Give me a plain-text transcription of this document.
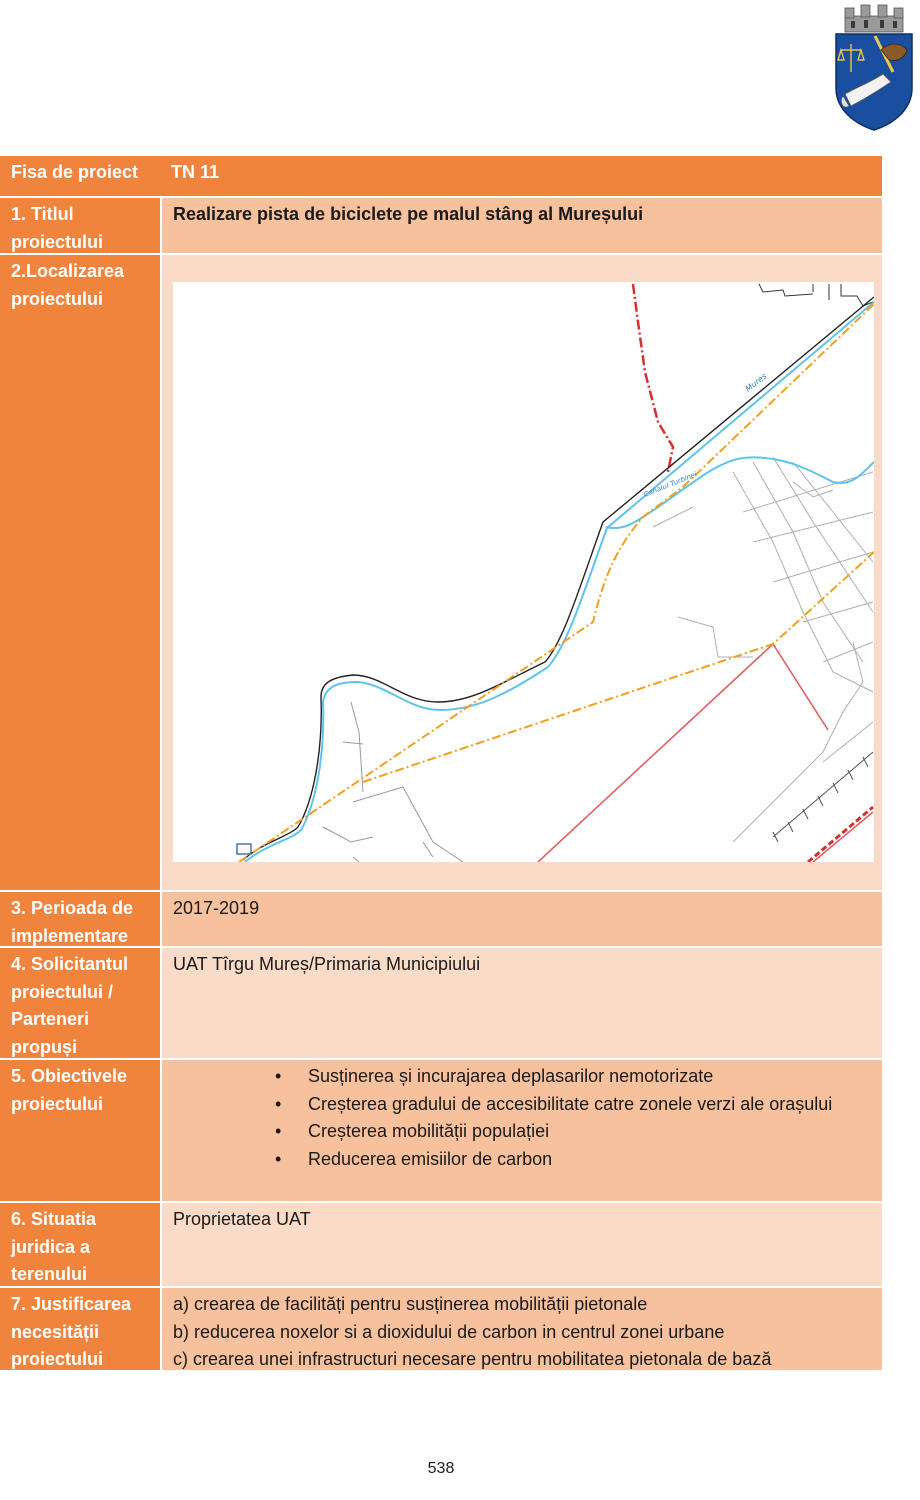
Fisa de proiect	TN 11
1. Titlul proiectului
Realizare pista de biciclete pe malul stâng al Mureșului
2.Localizarea proiectului
Mures
Canalul Turbinei
3. Perioada de implementare
2017-2019
4. Solicitantul proiectului / Parteneri propuși
UAT Tîrgu Mureș/Primaria Municipiului
5. Obiectivele proiectului
• Susținerea și incurajarea deplasarilor nemotorizate
• Creșterea gradului de accesibilitate catre zonele verzi ale orașului
• Creșterea mobilității populației
• Reducerea emisiilor de carbon
6. Situatia juridica a terenului
Proprietatea UAT
7. Justificarea necesității proiectului
a) crearea de facilități pentru susținerea mobilității pietonale
b) reducerea noxelor si a dioxidului de carbon in centrul zonei urbane
c) crearea unei infrastructuri necesare pentru mobilitatea pietonala de bază
538
